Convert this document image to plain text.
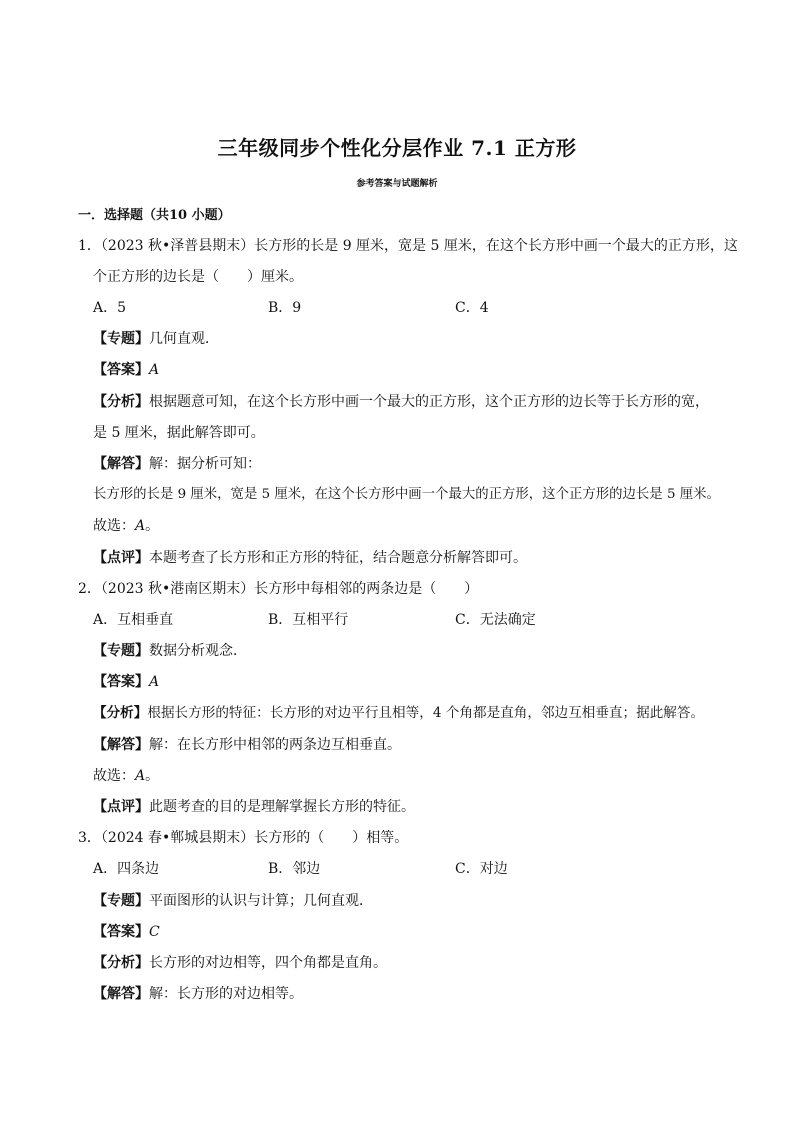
三年级同步个性化分层作业 7.1 正方形
参考答案与试题解析
一．选择题（共10 小题）
1．（2023 秋•泽普县期末）长方形的长是 9 厘米，宽是 5 厘米，在这个长方形中画一个最大的正方形，这
个正方形的边长是（　　）厘米。
A．5	B．9	C．4
【专题】几何直观．
【答案】A
【分析】根据题意可知，在这个长方形中画一个最大的正方形，这个正方形的边长等于长方形的宽，
是 5 厘米，据此解答即可。
【解答】解：据分析可知：
长方形的长是 9 厘米，宽是 5 厘米，在这个长方形中画一个最大的正方形，这个正方形的边长是 5 厘米。
故选：A。
【点评】本题考查了长方形和正方形的特征，结合题意分析解答即可。
2．（2023 秋•港南区期末）长方形中每相邻的两条边是（　　）
A．互相垂直	B．互相平行	C．无法确定
【专题】数据分析观念．
【答案】A
【分析】根据长方形的特征：长方形的对边平行且相等，4 个角都是直角，邻边互相垂直；据此解答。
【解答】解：在长方形中相邻的两条边互相垂直。
故选：A。
【点评】此题考查的目的是理解掌握长方形的特征。
3．（2024 春•郸城县期末）长方形的（　　）相等。
A．四条边	B．邻边	C．对边
【专题】平面图形的认识与计算；几何直观．
【答案】C
【分析】长方形的对边相等，四个角都是直角。
【解答】解：长方形的对边相等。
